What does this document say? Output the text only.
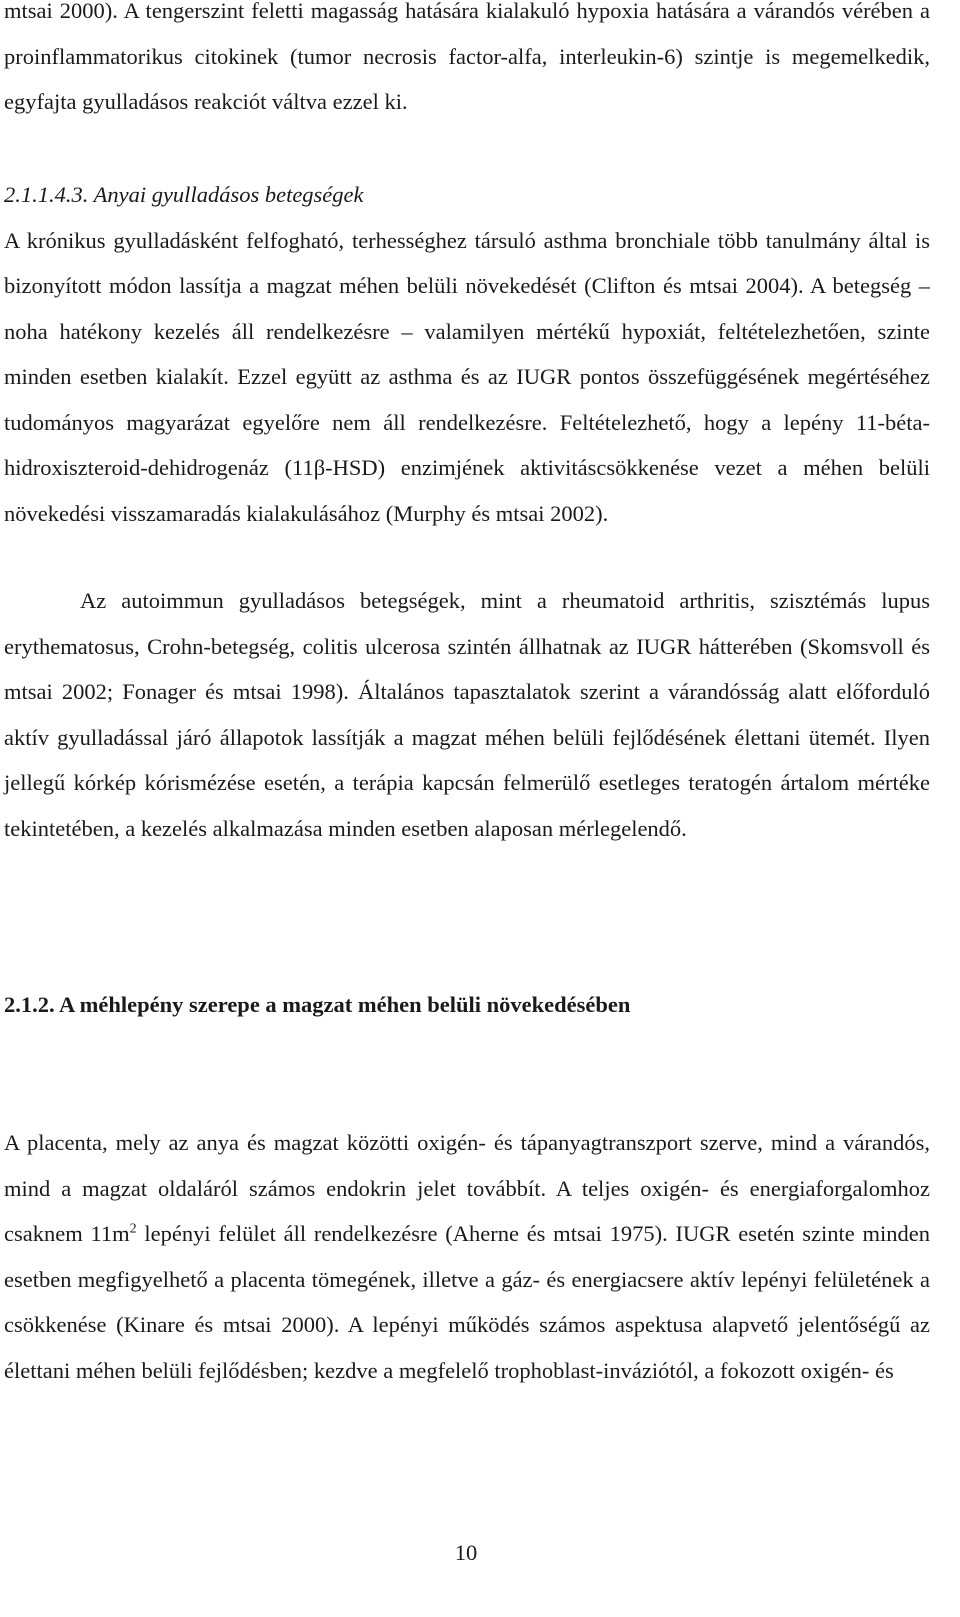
mtsai 2000). A tengerszint feletti magasság hatására kialakuló hypoxia hatására a várandós vérében a proinflammatorikus citokinek (tumor necrosis factor-alfa, interleukin-6) szintje is megemelkedik, egyfajta gyulladásos reakciót váltva ezzel ki.

2.1.1.4.3. Anyai gyulladásos betegségek
A krónikus gyulladásként felfogható, terhességhez társuló asthma bronchiale több tanulmány által is bizonyított módon lassítja a magzat méhen belüli növekedését (Clifton és mtsai 2004). A betegség – noha hatékony kezelés áll rendelkezésre – valamilyen mértékű hypoxiát, feltételezhetően, szinte minden esetben kialakít. Ezzel együtt az asthma és az IUGR pontos összefüggésének megértéséhez tudományos magyarázat egyelőre nem áll rendelkezésre. Feltételezhető, hogy a lepény 11-béta-hidroxiszteroid-dehidrogenáz (11β-HSD) enzimjének aktivitáscsökkenése vezet a méhen belüli növekedési visszamaradás kialakulásához (Murphy és mtsai 2002).

Az autoimmun gyulladásos betegségek, mint a rheumatoid arthritis, szisztémás lupus erythematosus, Crohn-betegség, colitis ulcerosa szintén állhatnak az IUGR hátterében (Skomsvoll és mtsai 2002; Fonager és mtsai 1998). Általános tapasztalatok szerint a várandósság alatt előforduló aktív gyulladással járó állapotok lassítják a magzat méhen belüli fejlődésének élettani ütemét. Ilyen jellegű kórkép kórismézése esetén, a terápia kapcsán felmerülő esetleges teratogén ártalom mértéke tekintetében, a kezelés alkalmazása minden esetben alaposan mérlegelendő.

2.1.2. A méhlepény szerepe a magzat méhen belüli növekedésében

A placenta, mely az anya és magzat közötti oxigén- és tápanyagtranszport szerve, mind a várandós, mind a magzat oldaláról számos endokrin jelet továbbít. A teljes oxigén- és energiaforgalomhoz csaknem $11m^2$ lepényi felület áll rendelkezésre (Aherne és mtsai 1975). IUGR esetén szinte minden esetben megfigyelhető a placenta tömegének, illetve a gáz- és energiacsere aktív lepényi felületének a csökkenése (Kinare és mtsai 2000). A lepényi működés számos aspektusa alapvető jelentőségű az élettani méhen belüli fejlődésben; kezdve a megfelelő trophoblast-inváziótól, a fokozott oxigén- és

10
